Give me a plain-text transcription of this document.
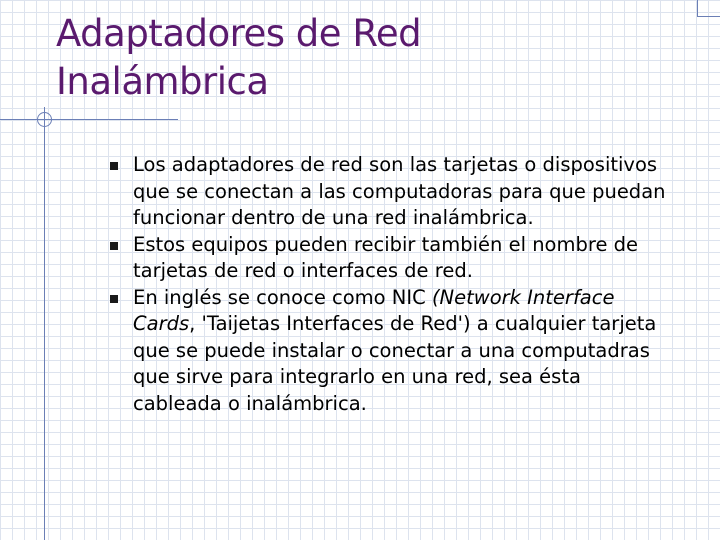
Adaptadores de Red
Inalámbrica
Los adaptadores de red son las tarjetas o dispositivos que se conectan a las computadoras para que puedan funcionar dentro de una red inalámbrica.
Estos equipos pueden recibir también el nombre de tarjetas de red o interfaces de red.
En inglés se conoce como NIC (Network Interface Cards, 'Taijetas Interfaces de Red') a cualquier tarjeta que se puede instalar o conectar a una computadras que sirve para integrarlo en una red, sea ésta cableada o inalámbrica.
